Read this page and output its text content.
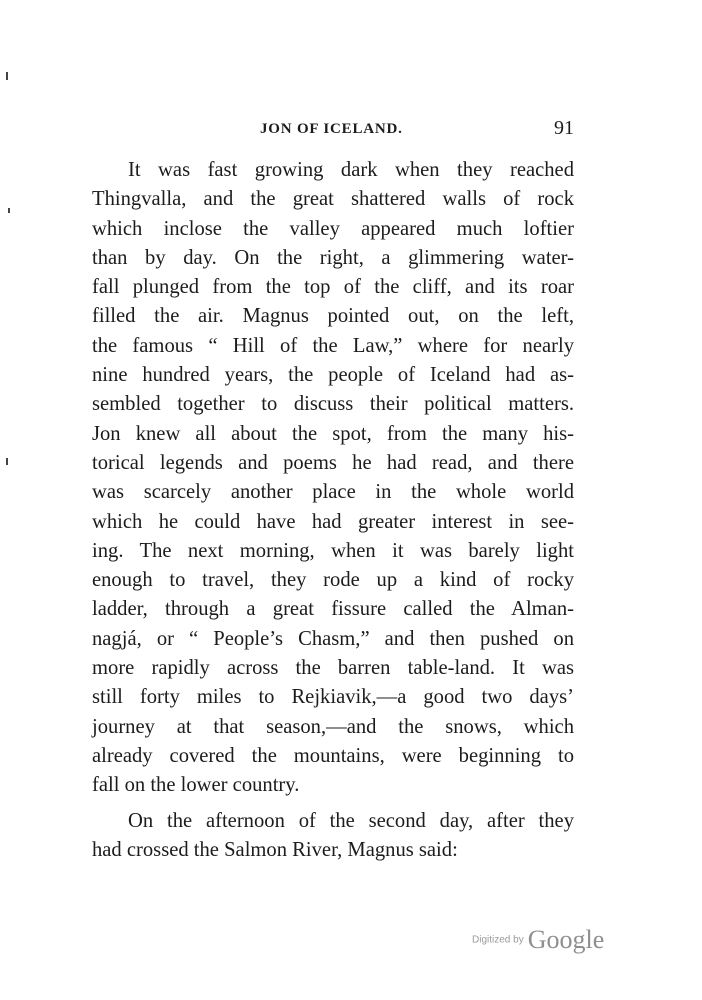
JON OF ICELAND.	91
It was fast growing dark when they reached
Thingvalla, and the great shattered walls of rock
which inclose the valley appeared much loftier
than by day. On the right, a glimmering water-
fall plunged from the top of the cliff, and its roar
filled the air. Magnus pointed out, on the left,
the famous “ Hill of the Law,” where for nearly
nine hundred years, the people of Iceland had as-
sembled together to discuss their political matters.
Jon knew all about the spot, from the many his-
torical legends and poems he had read, and there
was scarcely another place in the whole world
which he could have had greater interest in see-
ing. The next morning, when it was barely light
enough to travel, they rode up a kind of rocky
ladder, through a great fissure called the Alman-
nagjá, or “ People’s Chasm,” and then pushed on
more rapidly across the barren table-land. It was
still forty miles to Rejkiavik,—a good two days’
journey at that season,—and the snows, which
already covered the mountains, were beginning to
fall on the lower country.
On the afternoon of the second day, after they
had crossed the Salmon River, Magnus said:
Digitized by Google
